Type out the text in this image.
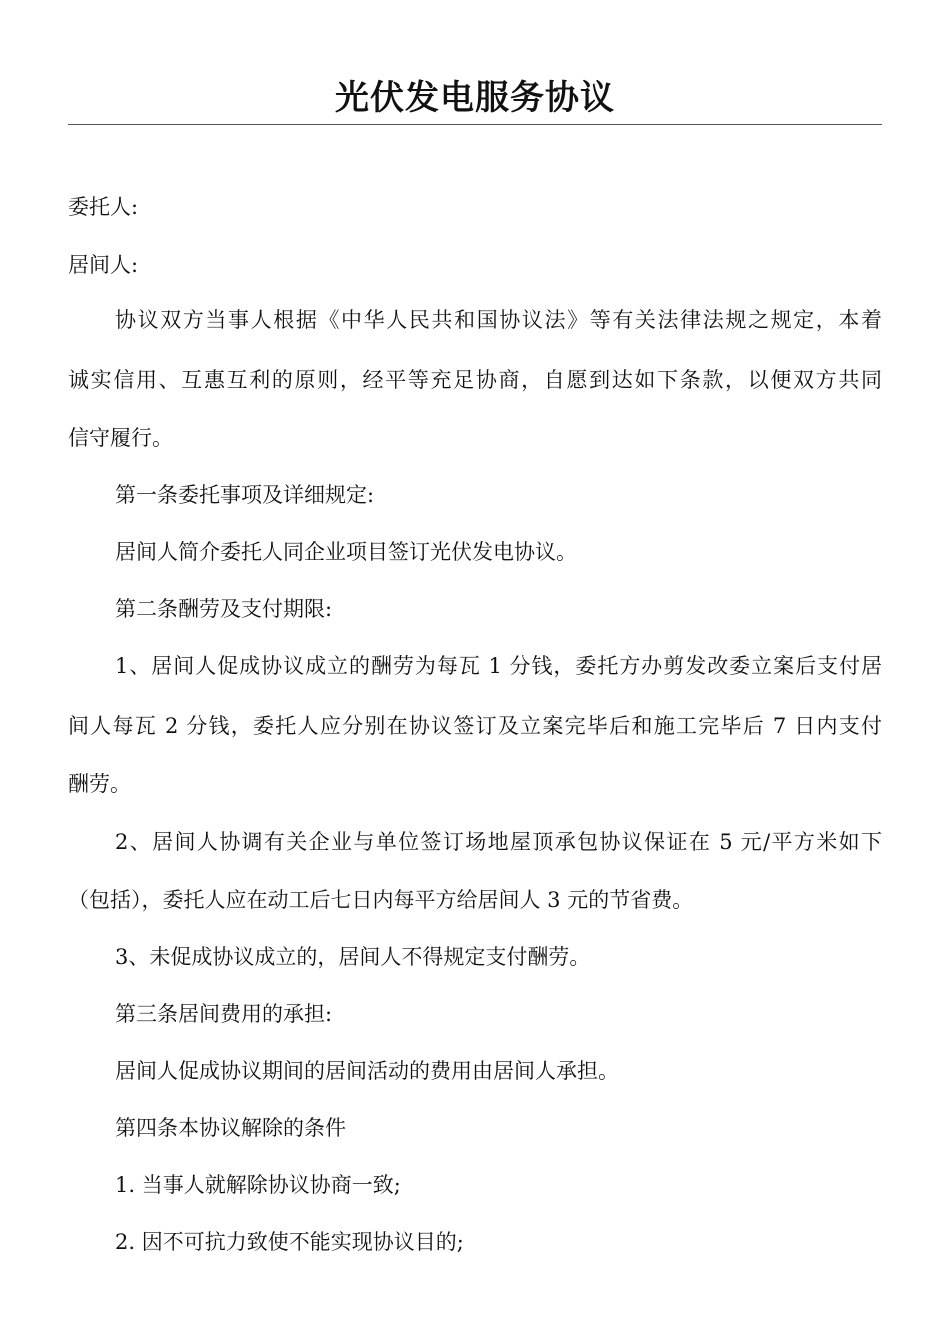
光伏发电服务协议

委托人:

居间人:

协议双方当事人根据《中华人民共和国协议法》等有关法律法规之规定，本着

诚实信用、互惠互利的原则，经平等充足协商，自愿到达如下条款，以便双方共同

信守履行。

第一条委托事项及详细规定:

居间人简介委托人同企业项目签订光伏发电协议。

第二条酬劳及支付期限:

1、居间人促成协议成立的酬劳为每瓦 1 分钱，委托方办剪发改委立案后支付居

间人每瓦 2 分钱，委托人应分别在协议签订及立案完毕后和施工完毕后 7 日内支付

酬劳。

2、居间人协调有关企业与单位签订场地屋顶承包协议保证在 5 元/平方米如下

（包括），委托人应在动工后七日内每平方给居间人 3 元的节省费。

3、未促成协议成立的，居间人不得规定支付酬劳。

第三条居间费用的承担:

居间人促成协议期间的居间活动的费用由居间人承担。

第四条本协议解除的条件

1. 当事人就解除协议协商一致;

2. 因不可抗力致使不能实现协议目的;
